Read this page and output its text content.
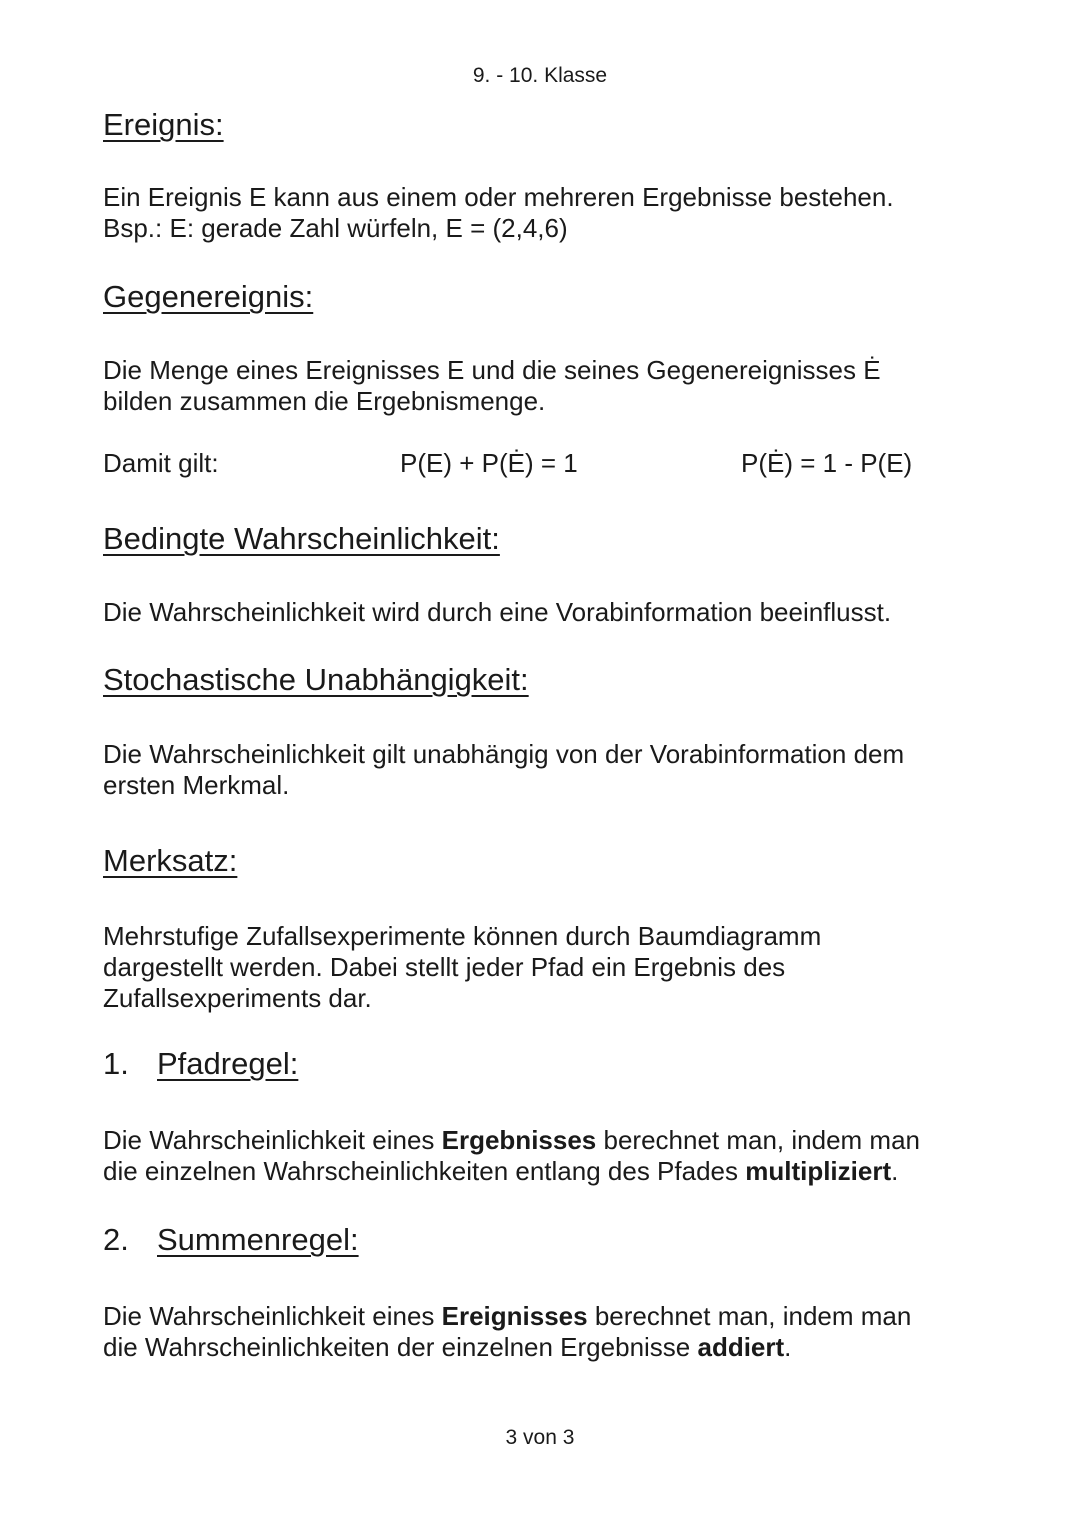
9. - 10. Klasse
Ereignis:
Ein Ereignis E kann aus einem oder mehreren Ergebnisse bestehen.
Bsp.: E: gerade Zahl würfeln, E = (2,4,6)
Gegenereignis:
Die Menge eines Ereignisses E und die seines Gegenereignisses Ė
bilden zusammen die Ergebnismenge.
Damit gilt:	P(E) + P(Ė) = 1	P(Ė) = 1 - P(E)
Bedingte Wahrscheinlichkeit:
Die Wahrscheinlichkeit wird durch eine Vorabinformation beeinflusst.
Stochastische Unabhängigkeit:
Die Wahrscheinlichkeit gilt unabhängig von der Vorabinformation dem
ersten Merkmal.
Merksatz:
Mehrstufige Zufallsexperimente können durch Baumdiagramm
dargestellt werden. Dabei stellt jeder Pfad ein Ergebnis des
Zufallsexperiments dar.
1. Pfadregel:
Die Wahrscheinlichkeit eines Ergebnisses berechnet man, indem man
die einzelnen Wahrscheinlichkeiten entlang des Pfades multipliziert.
2. Summenregel:
Die Wahrscheinlichkeit eines Ereignisses berechnet man, indem man
die Wahrscheinlichkeiten der einzelnen Ergebnisse addiert.
3 von 3
